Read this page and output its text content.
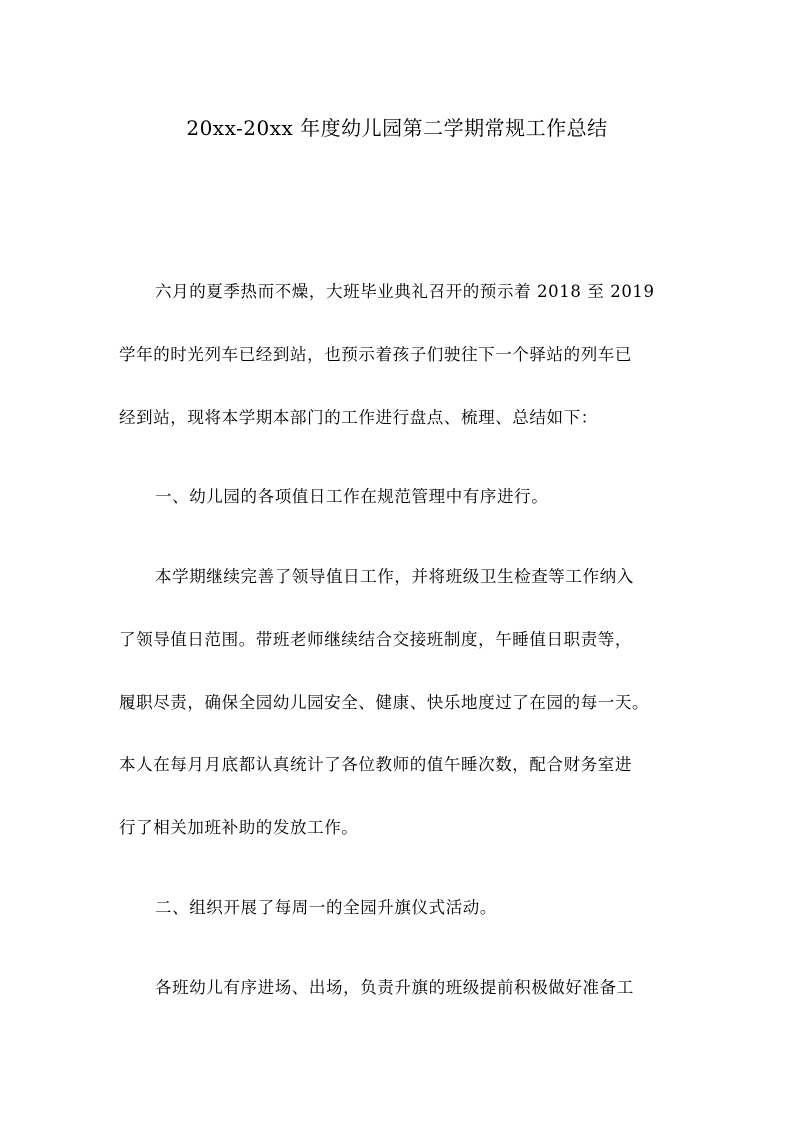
20xx-20xx 年度幼儿园第二学期常规工作总结
六月的夏季热而不燥，大班毕业典礼召开的预示着 2018 至 2019
学年的时光列车已经到站，也预示着孩子们驶往下一个驿站的列车已
经到站，现将本学期本部门的工作进行盘点、梳理、总结如下：
一、幼儿园的各项值日工作在规范管理中有序进行。
本学期继续完善了领导值日工作，并将班级卫生检查等工作纳入
了领导值日范围。带班老师继续结合交接班制度，午睡值日职责等，
履职尽责，确保全园幼儿园安全、健康、快乐地度过了在园的每一天。
本人在每月月底都认真统计了各位教师的值午睡次数，配合财务室进
行了相关加班补助的发放工作。
二、组织开展了每周一的全园升旗仪式活动。
各班幼儿有序进场、出场，负责升旗的班级提前积极做好准备工
